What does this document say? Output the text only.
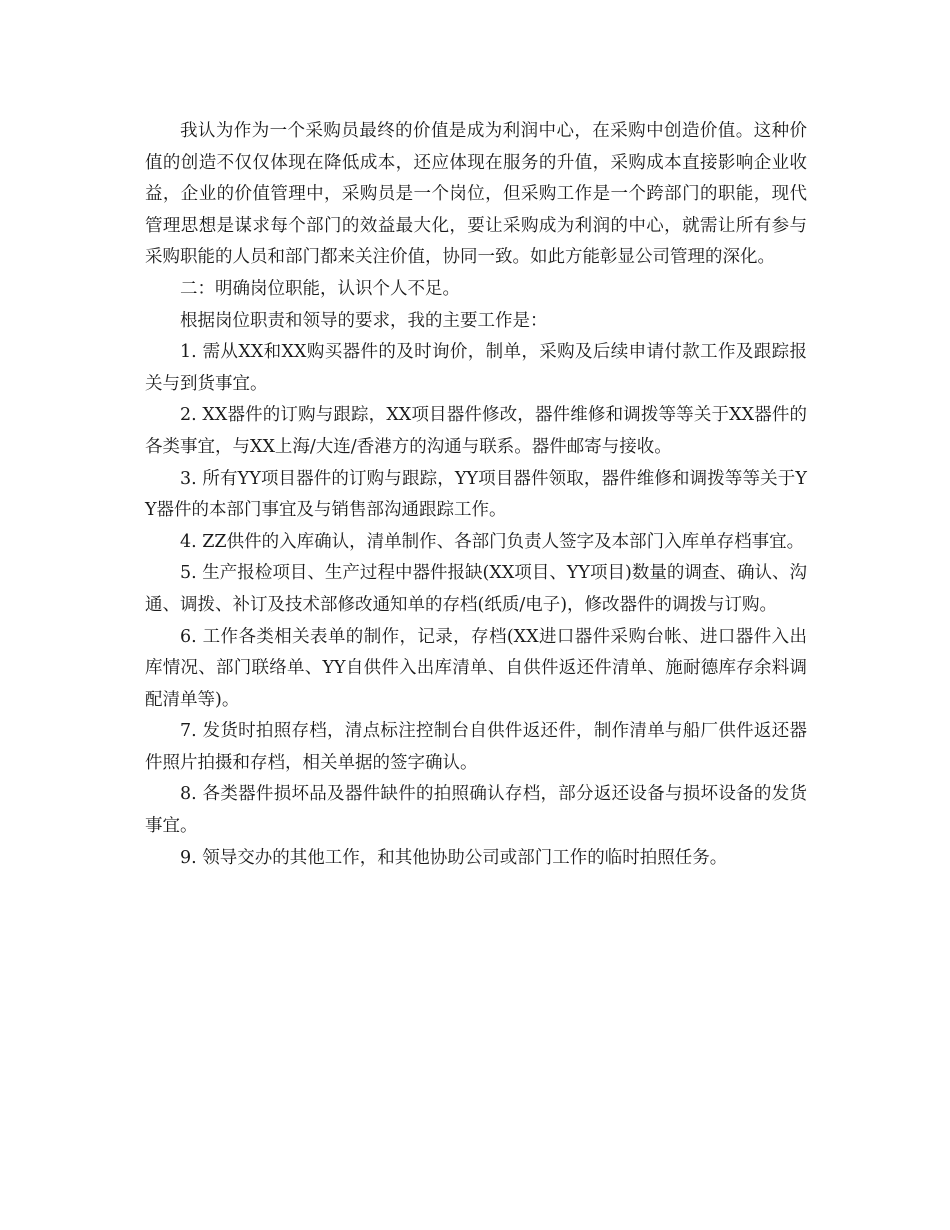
我认为作为一个采购员最终的价值是成为利润中心，在采购中创造价值。这种价值的创造不仅仅体现在降低成本，还应体现在服务的升值，采购成本直接影响企业收益，企业的价值管理中，采购员是一个岗位，但采购工作是一个跨部门的职能，现代管理思想是谋求每个部门的效益最大化，要让采购成为利润的中心，就需让所有参与采购职能的人员和部门都来关注价值，协同一致。如此方能彰显公司管理的深化。

二：明确岗位职能，认识个人不足。

根据岗位职责和领导的要求，我的主要工作是：

1. 需从XX和XX购买器件的及时询价，制单，采购及后续申请付款工作及跟踪报关与到货事宜。

2. XX器件的订购与跟踪，XX项目器件修改，器件维修和调拨等等关于XX器件的各类事宜，与XX上海/大连/香港方的沟通与联系。器件邮寄与接收。

3. 所有YY项目器件的订购与跟踪，YY项目器件领取，器件维修和调拨等等关于YY器件的本部门事宜及与销售部沟通跟踪工作。

4. ZZ供件的入库确认，清单制作、各部门负责人签字及本部门入库单存档事宜。

5. 生产报检项目、生产过程中器件报缺(XX项目、YY项目)数量的调查、确认、沟通、调拨、补订及技术部修改通知单的存档(纸质/电子)，修改器件的调拨与订购。

6. 工作各类相关表单的制作，记录，存档(XX进口器件采购台帐、进口器件入出库情况、部门联络单、YY自供件入出库清单、自供件返还件清单、施耐德库存余料调配清单等)。

7. 发货时拍照存档，清点标注控制台自供件返还件，制作清单与船厂供件返还器件照片拍摄和存档，相关单据的签字确认。

8. 各类器件损坏品及器件缺件的拍照确认存档，部分返还设备与损坏设备的发货事宜。

9. 领导交办的其他工作，和其他协助公司或部门工作的临时拍照任务。
